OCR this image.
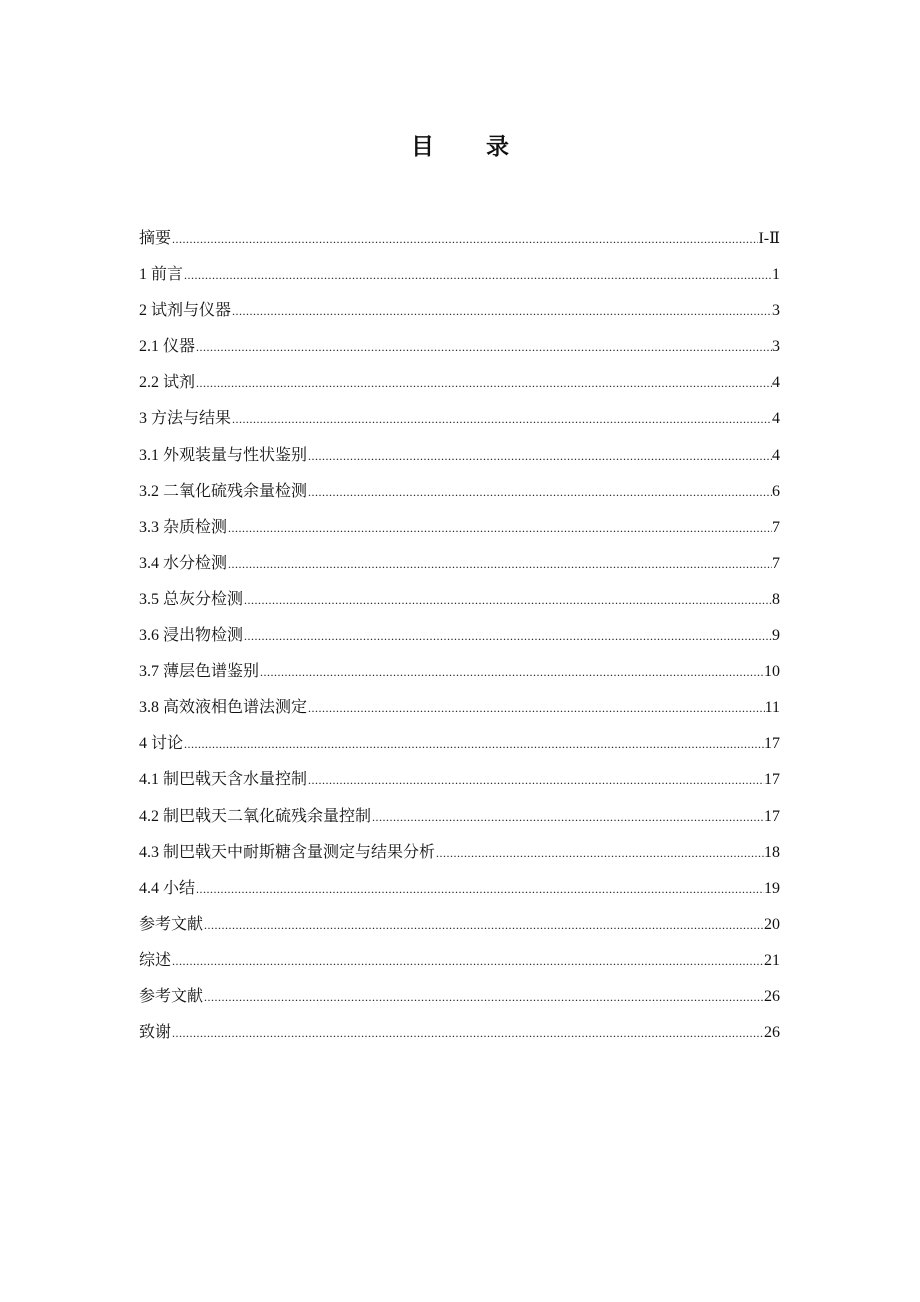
目 录
摘要 .....	I-Ⅱ
1 前言 .....	1
2 试剂与仪器 .....	3
2.1 仪器 .....	3
2.2 试剂 .....	4
3 方法与结果 .....	4
3.1 外观装量与性状鉴别 .....	4
3.2 二氧化硫残余量检测 .....	6
3.3 杂质检测 .....	7
3.4 水分检测 .....	7
3.5 总灰分检测 .....	8
3.6 浸出物检测 .....	9
3.7 薄层色谱鉴别 .....	10
3.8 高效液相色谱法测定 .....	11
4 讨论 .....	17
4.1 制巴戟天含水量控制 .....	17
4.2 制巴戟天二氧化硫残余量控制 .....	17
4.3 制巴戟天中耐斯糖含量测定与结果分析 .....	18
4.4 小结 .....	19
参考文献 .....	20
综述 .....	21
参考文献 .....	26
致谢 .....	26
